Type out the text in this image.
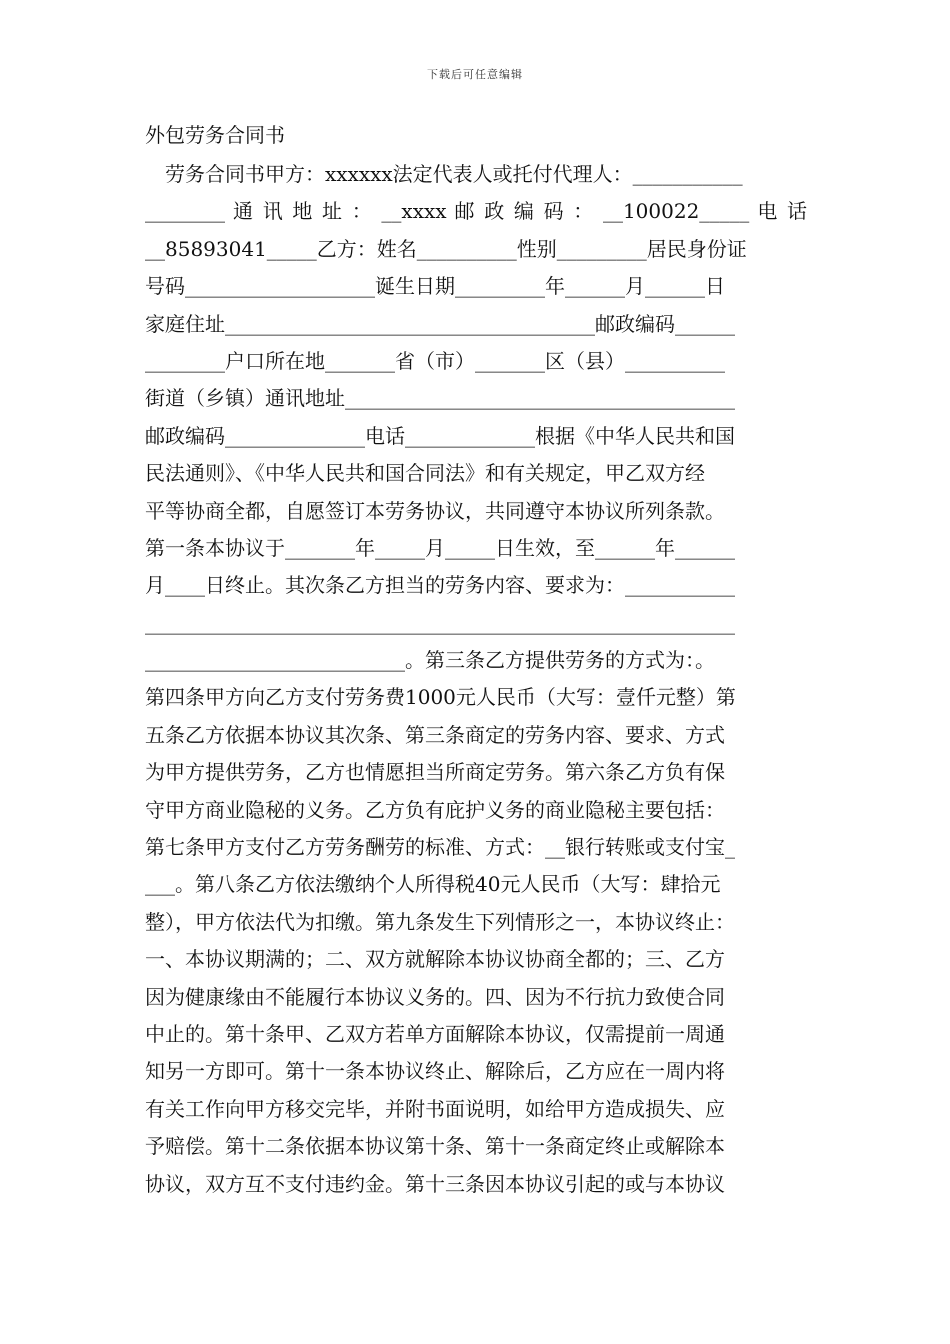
下载后可任意编辑
外包劳务合同书
　劳务合同书甲方：xxxxxx法定代表人或托付代理人：___________
________ 通 讯 地 址 ： __xxxx 邮 政 编 码 ： __100022_____ 电 话
__85893041_____乙方：姓名__________性别_________居民身份证
号码___________________诞生日期_________年______月______日
家庭住址_____________________________________邮政编码______
________户口所在地_______省（市）_______区（县）__________
街道（乡镇）通讯地址_______________________________________
邮政编码______________电话_____________根据《中华人民共和国
民法通则》、《中华人民共和国合同法》和有关规定，甲乙双方经
平等协商全都，自愿签订本劳务协议，共同遵守本协议所列条款。
第一条本协议于_______年_____月_____日生效，至______年______
月____日终止。其次条乙方担当的劳务内容、要求为：___________
___________________________________________________________
__________________________。第三条乙方提供劳务的方式为：。
第四条甲方向乙方支付劳务费1000元人民币（大写：壹仟元整）第
五条乙方依据本协议其次条、第三条商定的劳务内容、要求、方式
为甲方提供劳务，乙方也情愿担当所商定劳务。第六条乙方负有保
守甲方商业隐秘的义务。乙方负有庇护义务的商业隐秘主要包括：
第七条甲方支付乙方劳务酬劳的标准、方式：__银行转账或支付宝_
___。第八条乙方依法缴纳个人所得税40元人民币（大写：肆拾元
整），甲方依法代为扣缴。第九条发生下列情形之一，本协议终止：
一、本协议期满的；二、双方就解除本协议协商全都的；三、乙方
因为健康缘由不能履行本协议义务的。四、因为不行抗力致使合同
中止的。第十条甲、乙双方若单方面解除本协议，仅需提前一周通
知另一方即可。第十一条本协议终止、解除后，乙方应在一周内将
有关工作向甲方移交完毕，并附书面说明，如给甲方造成损失、应
予赔偿。第十二条依据本协议第十条、第十一条商定终止或解除本
协议，双方互不支付违约金。第十三条因本协议引起的或与本协议
